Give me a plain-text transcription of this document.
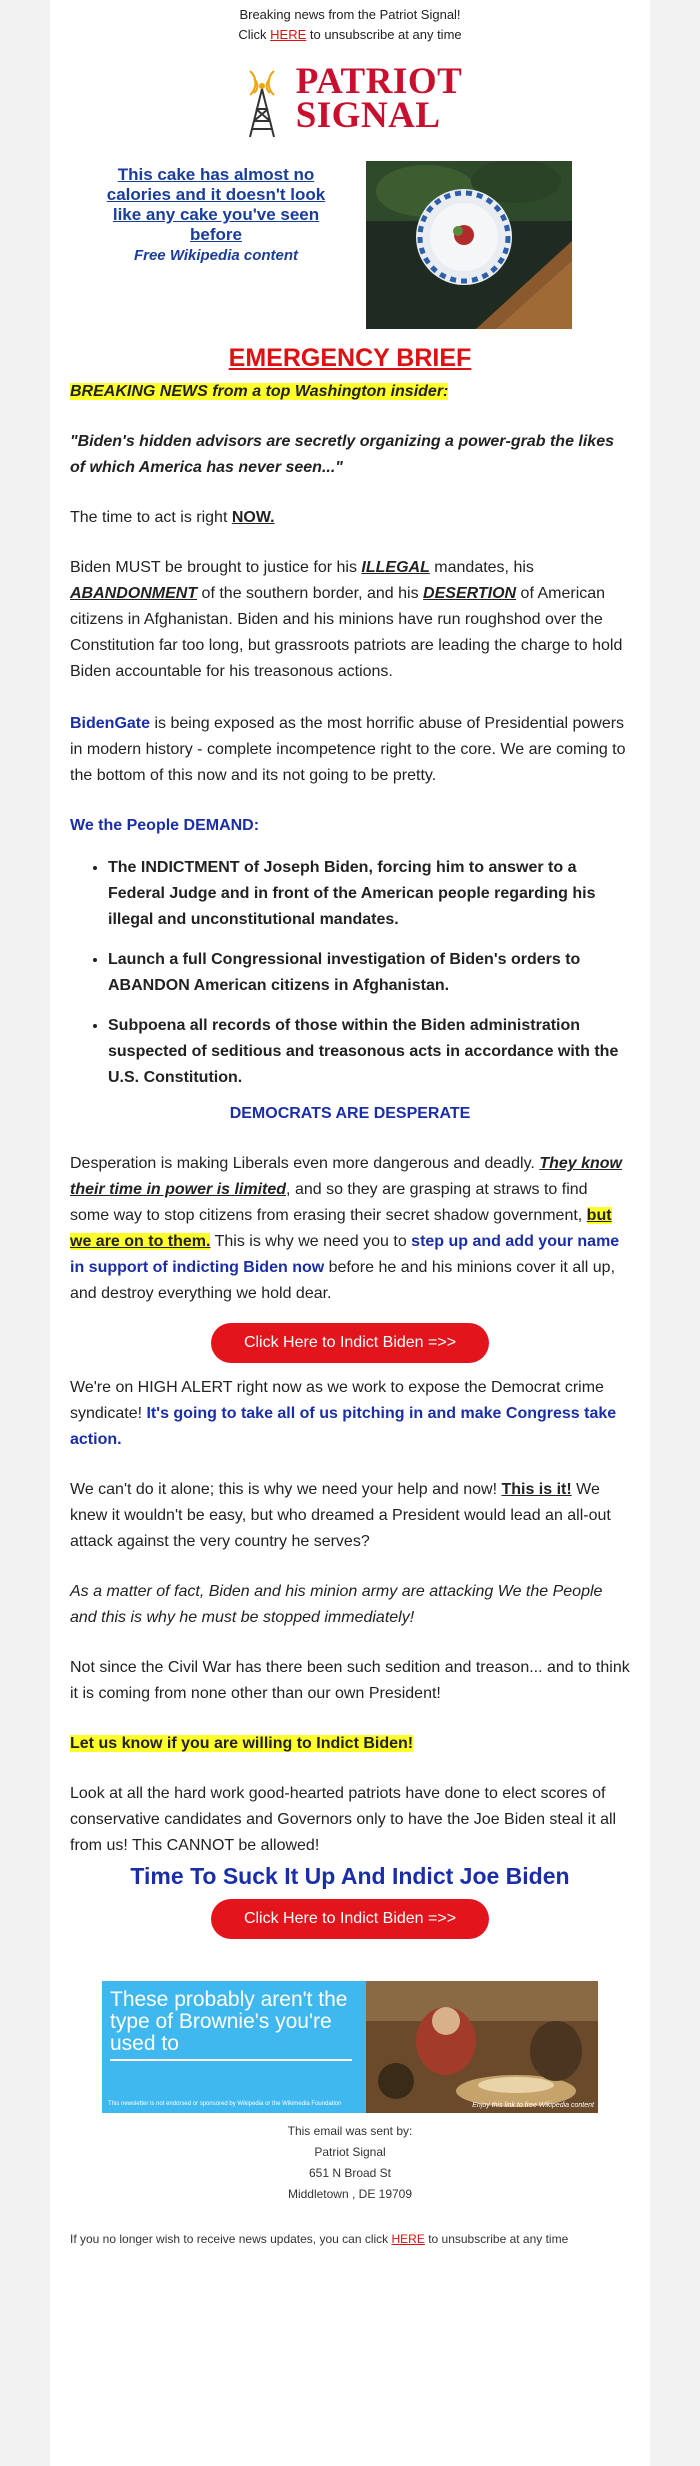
Breaking news from the Patriot Signal!
Click HERE to unsubscribe at any time
PATRIOT
SIGNAL
This cake has almost no calories and it doesn't look like any cake you've seen before
Free Wikipedia content
EMERGENCY BRIEF

BREAKING NEWS from a top Washington insider:

"Biden's hidden advisors are secretly organizing a power-grab the likes of which America has never seen..."

The time to act is right NOW.

Biden MUST be brought to justice for his ILLEGAL mandates, his ABANDONMENT of the southern border, and his DESERTION of American citizens in Afghanistan. Biden and his minions have run roughshod over the Constitution far too long, but grassroots patriots are leading the charge to hold Biden accountable for his treasonous actions.

BidenGate is being exposed as the most horrific abuse of Presidential powers in modern history - complete incompetence right to the core. We are coming to the bottom of this now and its not going to be pretty.

We the People DEMAND:

• The INDICTMENT of Joseph Biden, forcing him to answer to a Federal Judge and in front of the American people regarding his illegal and unconstitutional mandates.
• Launch a full Congressional investigation of Biden's orders to ABANDON American citizens in Afghanistan.
• Subpoena all records of those within the Biden administration suspected of seditious and treasonous acts in accordance with the U.S. Constitution.
DEMOCRATS ARE DESPERATE

Desperation is making Liberals even more dangerous and deadly. They know their time in power is limited, and so they are grasping at straws to find some way to stop citizens from erasing their secret shadow government, but we are on to them. This is why we need you to step up and add your name in support of indicting Biden now before he and his minions cover it all up, and destroy everything we hold dear.

Click Here to Indict Biden =>>

We're on HIGH ALERT right now as we work to expose the Democrat crime syndicate! It's going to take all of us pitching in and make Congress take action.

We can't do it alone; this is why we need your help and now! This is it! We knew it wouldn't be easy, but who dreamed a President would lead an all-out attack against the very country he serves?

As a matter of fact, Biden and his minion army are attacking We the People and this is why he must be stopped immediately!

Not since the Civil War has there been such sedition and treason... and to think it is coming from none other than our own President!

Let us know if you are willing to Indict Biden!

Look at all the hard work good-hearted patriots have done to elect scores of conservative candidates and Governors only to have the Joe Biden steal it all from us! This CANNOT be allowed!

Time To Suck It Up And Indict Joe Biden
Click Here to Indict Biden =>>
These probably aren't the type of Brownie's you're used to
This newsletter is not endorsed or sponsored by Wikipedia or the Wikimedia Foundation	Enjoy this link to free Wikipedia content
This email was sent by:
Patriot Signal
651 N Broad St
Middletown , DE 19709
If you no longer wish to receive news updates, you can click HERE to unsubscribe at any time
